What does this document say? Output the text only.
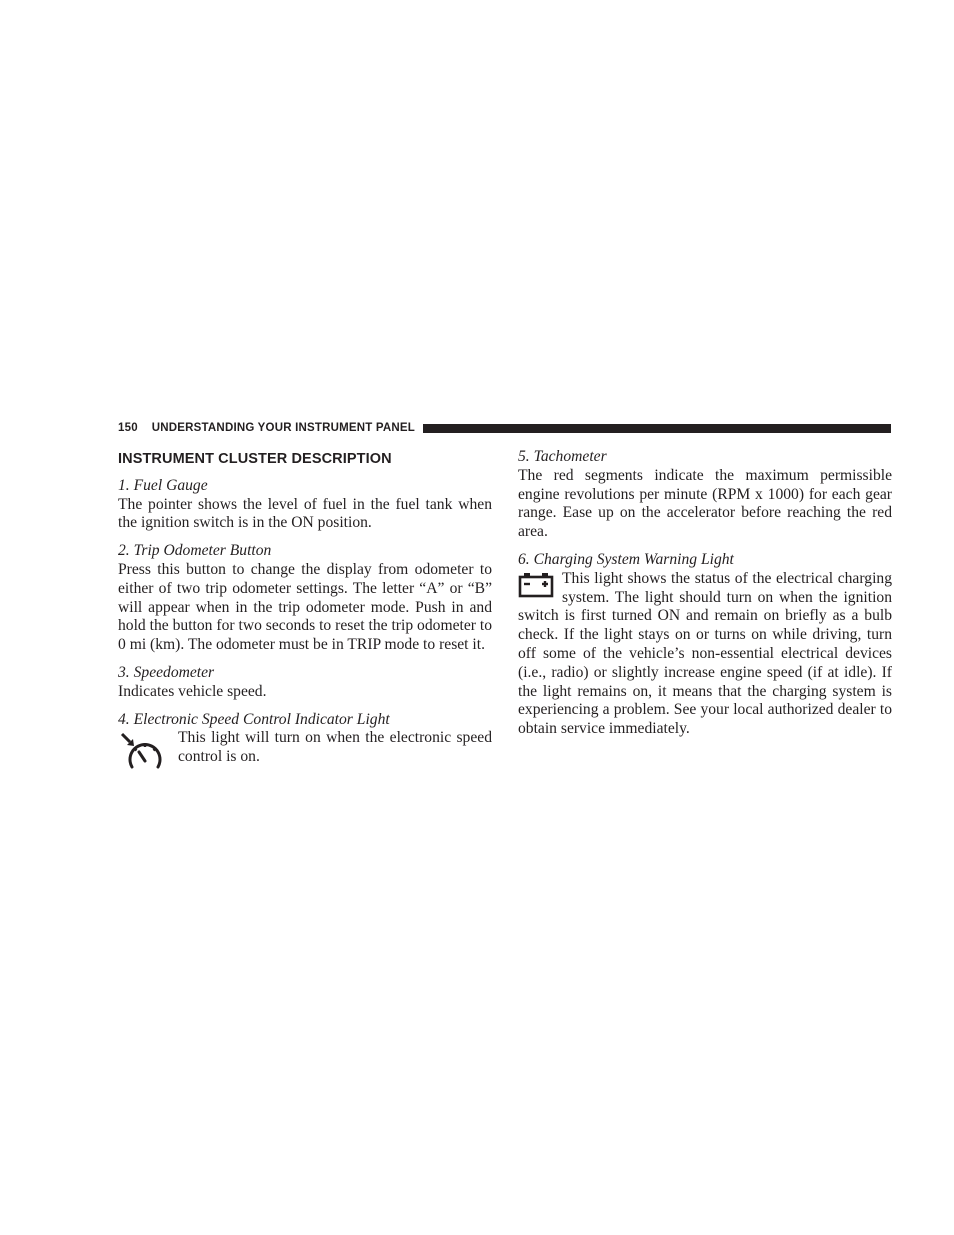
150 UNDERSTANDING YOUR INSTRUMENT PANEL
INSTRUMENT CLUSTER DESCRIPTION

1. Fuel Gauge

The pointer shows the level of fuel in the fuel tank when the ignition switch is in the ON position.

2. Trip Odometer Button

Press this button to change the display from odometer to either of two trip odometer settings. The letter “A” or “B” will appear when in the trip odometer mode. Push in and hold the button for two seconds to reset the trip odometer to 0 mi (km). The odometer must be in TRIP mode to reset it.

3. Speedometer

Indicates vehicle speed.

4. Electronic Speed Control Indicator Light

This light will turn on when the electronic speed control is on.

5. Tachometer

The red segments indicate the maximum permissible engine revolutions per minute (RPM x 1000) for each gear range. Ease up on the accelerator before reaching the red area.

6. Charging System Warning Light

This light shows the status of the electrical charging system. The light should turn on when the ignition switch is first turned ON and remain on briefly as a bulb check. If the light stays on or turns on while driving, turn off some of the vehicle’s non-essential electrical devices (i.e., radio) or slightly increase engine speed (if at idle). If the light remains on, it means that the charging system is experiencing a problem. See your local authorized dealer to obtain service immediately.
